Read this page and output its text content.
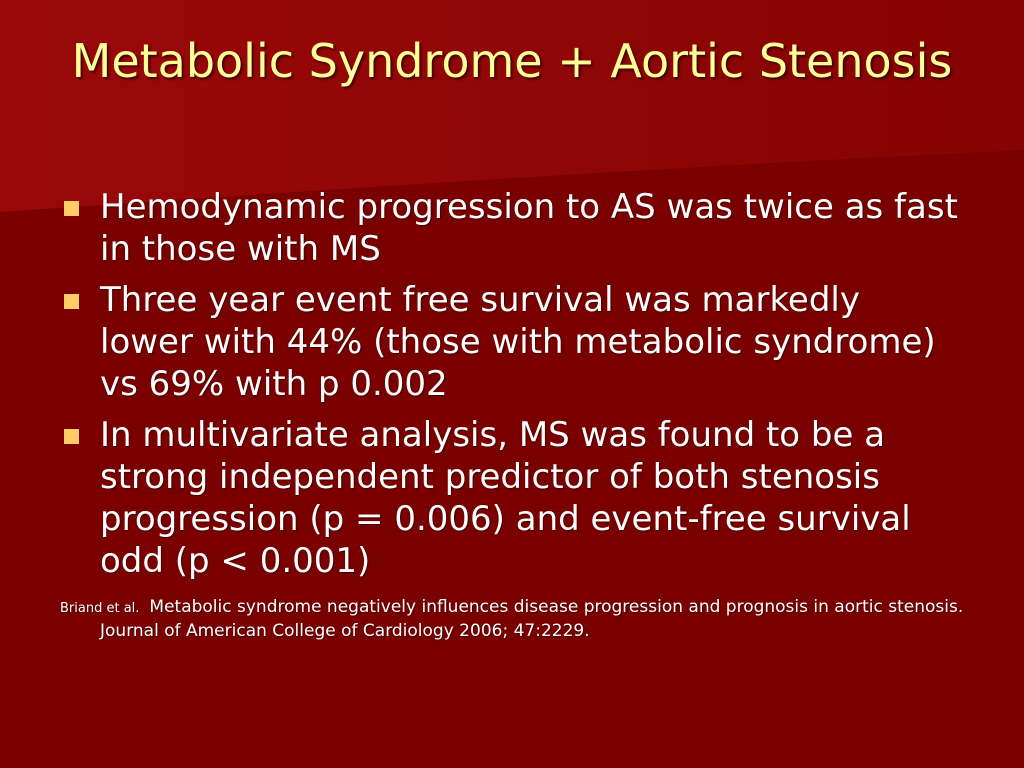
Metabolic Syndrome + Aortic Stenosis
Hemodynamic progression to AS was twice as fast in those with MS
Three year event free survival was markedly lower with 44% (those with metabolic syndrome) vs 69% with p 0.002
In multivariate analysis, MS was found to be a strong independent predictor of both stenosis progression (p = 0.006) and event-free survival odd (p < 0.001)

Briand et al. Metabolic syndrome negatively influences disease progression and prognosis in aortic stenosis. Journal of American College of Cardiology 2006; 47:2229.
